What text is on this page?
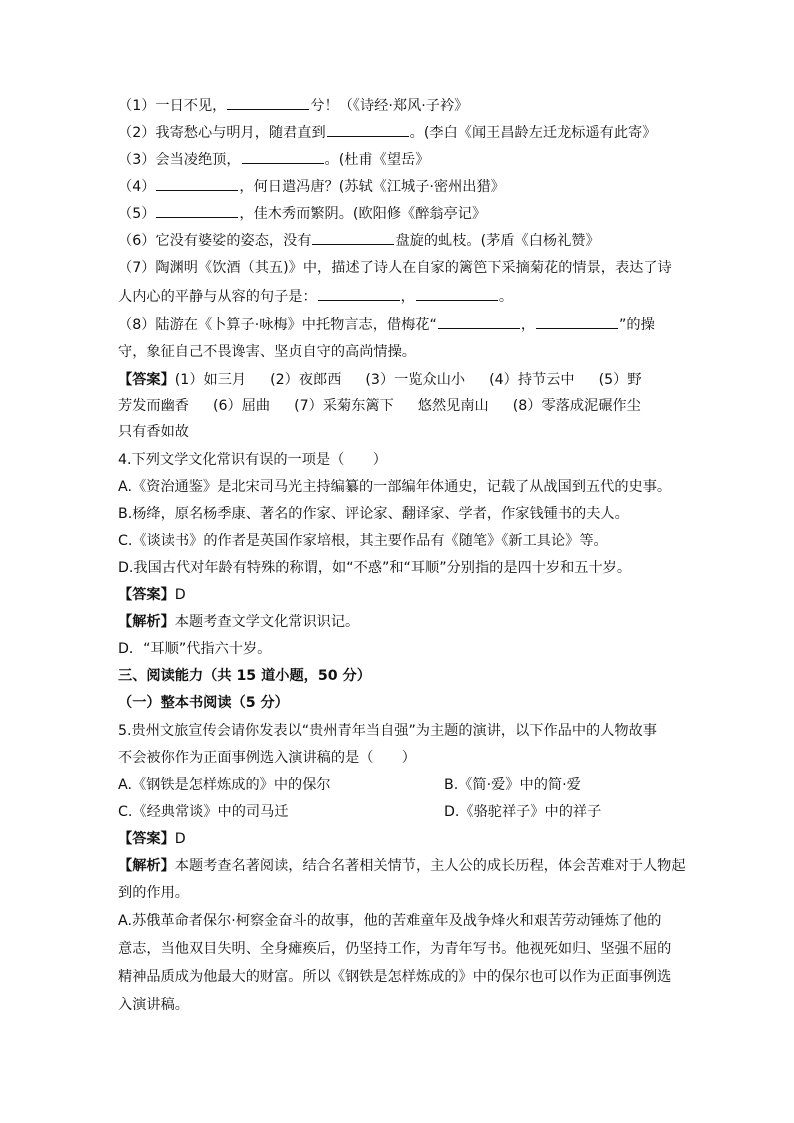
（1）一日不见，	兮！（《诗经·郑风·子衿》
（2）我寄愁心与明月，随君直到	。(李白《闻王昌龄左迁龙标遥有此寄》
（3）会当凌绝顶，	。(杜甫《望岳》
（4）	，何日遣冯唐？(苏轼《江城子·密州出猎》
（5）	，佳木秀而繁阴。(欧阳修《醉翁亭记》
（6）它没有婆娑的姿态，没有	盘旋的虬枝。(茅盾《白杨礼赞》
（7）陶渊明《饮酒（其五)》中，描述了诗人在自家的篱笆下采摘菊花的情景，表达了诗
人内心的平静与从容的句子是：	，	。
（8）陆游在《卜算子·咏梅》中托物言志，借梅花“	，	”的操
守，象征自己不畏谗害、坚贞自守的高尚情操。
【答案】(1）如三月 (2）夜郎西 (3）一览众山小 (4）持节云中 (5）野
芳发而幽香 (6）屈曲 (7）采菊东篱下 悠然见南山 (8）零落成泥碾作尘
只有香如故
4.下列文学文化常识有误的一项是（　　）
A.《资治通鉴》是北宋司马光主持编纂的一部编年体通史，记载了从战国到五代的史事。
B.杨绛，原名杨季康、著名的作家、评论家、翻译家、学者，作家钱锺书的夫人。
C.《谈读书》的作者是英国作家培根，其主要作品有《随笔》《新工具论》等。
D.我国古代对年龄有特殊的称谓，如“不惑”和“耳顺”分别指的是四十岁和五十岁。
【答案】D
【解析】本题考查文学文化常识识记。
D．“耳顺”代指六十岁。
三、阅读能力（共 15 道小题，50 分）
（一）整本书阅读（5 分）
5.贵州文旅宣传会请你发表以“贵州青年当自强”为主题的演讲，以下作品中的人物故事
不会被你作为正面事例选入演讲稿的是（　　）
A.《钢铁是怎样炼成的》中的保尔	B.《简·爱》中的简·爱
C.《经典常谈》中的司马迁	D.《骆驼祥子》中的祥子
【答案】D
【解析】本题考查名著阅读，结合名著相关情节，主人公的成长历程，体会苦难对于人物起
到的作用。
A.苏俄革命者保尔·柯察金奋斗的故事，他的苦难童年及战争烽火和艰苦劳动锤炼了他的
意志，当他双目失明、全身瘫痪后，仍坚持工作，为青年写书。他视死如归、坚强不屈的
精神品质成为他最大的财富。所以《钢铁是怎样炼成的》中的保尔也可以作为正面事例选
入演讲稿。
